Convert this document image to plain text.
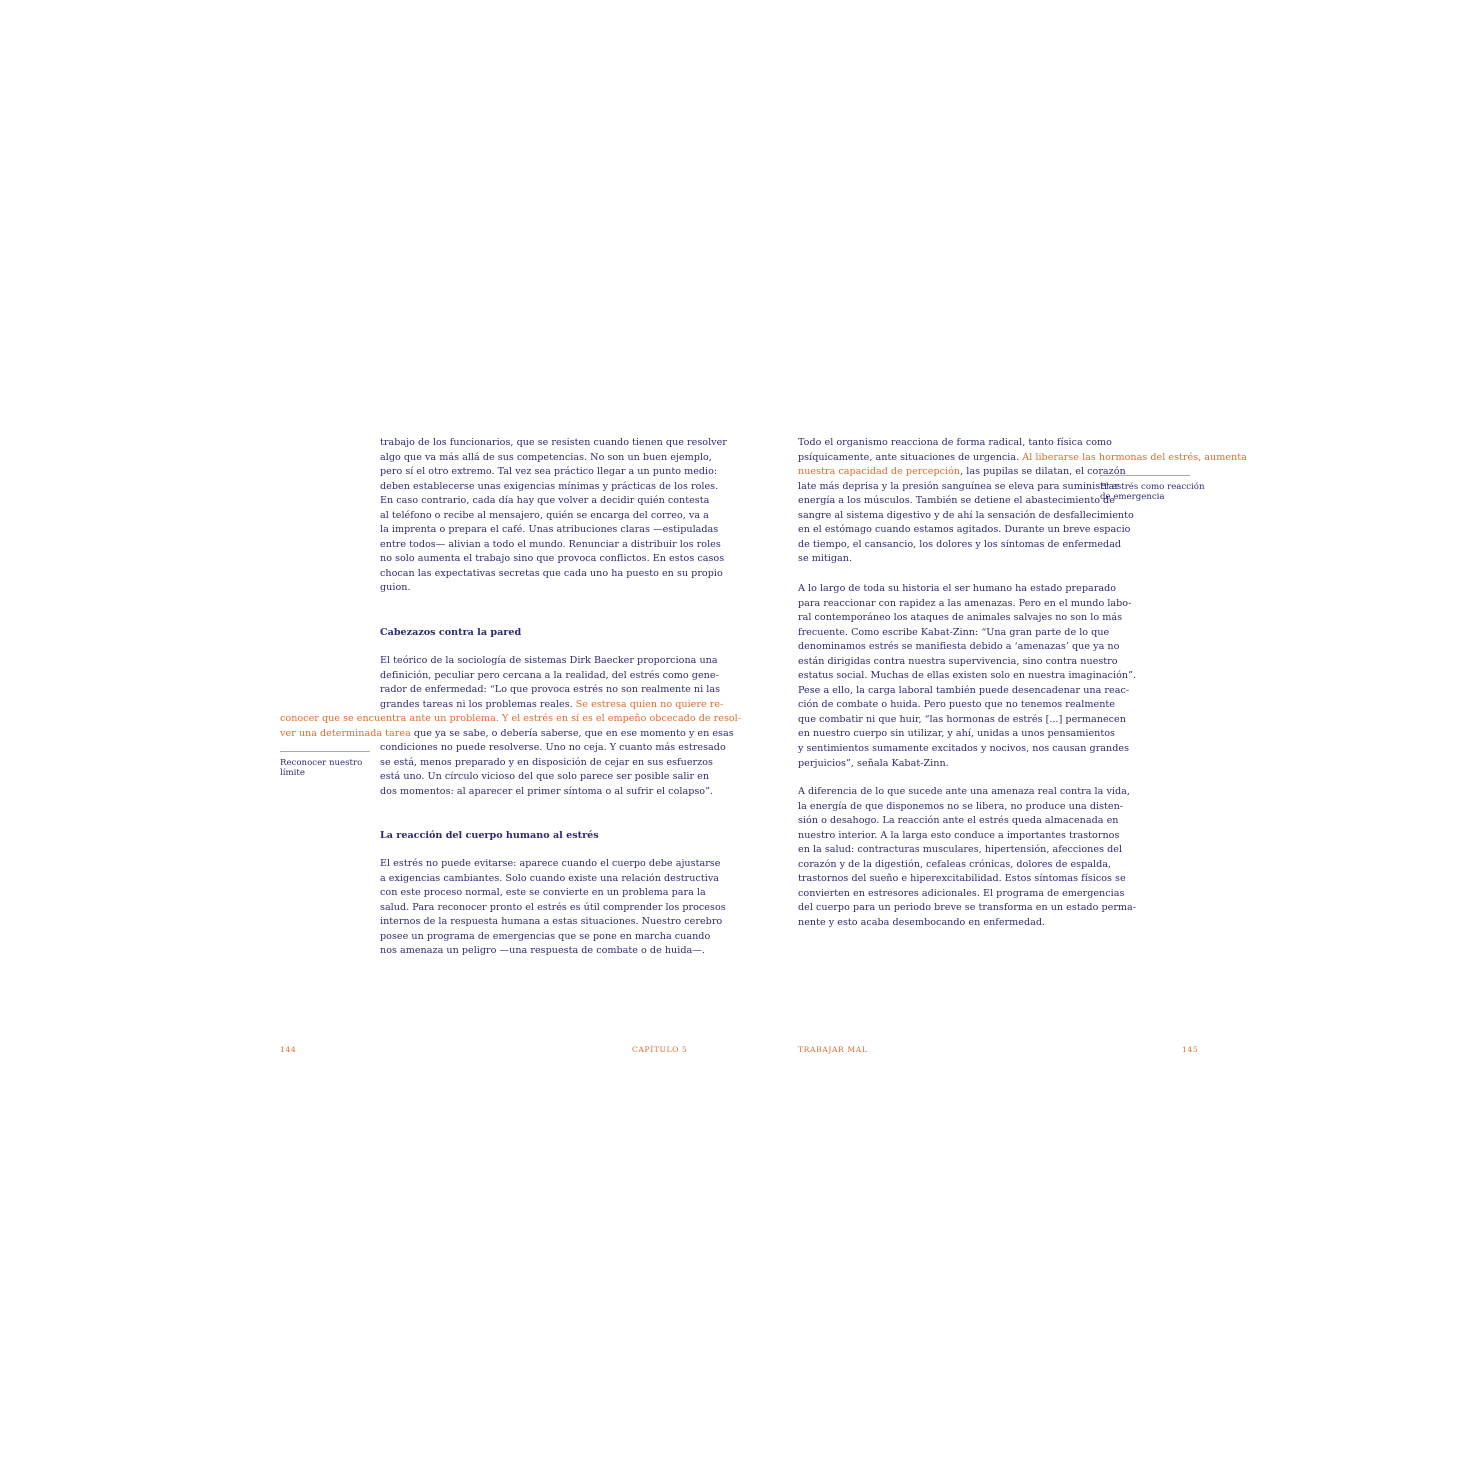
trabajo de los funcionarios, que se resisten cuando tienen que resolver
algo que va más allá de sus competencias. No son un buen ejemplo,
pero sí el otro extremo. Tal vez sea práctico llegar a un punto medio:
deben establecerse unas exigencias mínimas y prácticas de los roles.
En caso contrario, cada día hay que volver a decidir quién contesta
al teléfono o recibe al mensajero, quién se encarga del correo, va a
la imprenta o prepara el café. Unas atribuciones claras —estipuladas
entre todos— alivian a todo el mundo. Renunciar a distribuir los roles
no solo aumenta el trabajo sino que provoca conflictos. En estos casos
chocan las expectativas secretas que cada uno ha puesto en su propio
guion.
Cabezazos contra la pared
El teórico de la sociología de sistemas Dirk Baecker proporciona una
definición, peculiar pero cercana a la realidad, del estrés como gene-
rador de enfermedad: “Lo que provoca estrés no son realmente ni las
grandes tareas ni los problemas reales. Se estresa quien no quiere re-
conocer que se encuentra ante un problema. Y el estrés en sí es el empeño obcecado de resol-
ver una determinada tarea que ya se sabe, o debería saberse, que en ese momento y en esas
condiciones no puede resolverse. Uno no ceja. Y cuanto más estresado
se está, menos preparado y en disposición de cejar en sus esfuerzos
está uno. Un círculo vicioso del que solo parece ser posible salir en
dos momentos: al aparecer el primer síntoma o al sufrir el colapso”.
Reconocer nuestro
límite
La reacción del cuerpo humano al estrés
El estrés no puede evitarse: aparece cuando el cuerpo debe ajustarse
a exigencias cambiantes. Solo cuando existe una relación destructiva
con este proceso normal, este se convierte en un problema para la
salud. Para reconocer pronto el estrés es útil comprender los procesos
internos de la respuesta humana a estas situaciones. Nuestro cerebro
posee un programa de emergencias que se pone en marcha cuando
nos amenaza un peligro —una respuesta de combate o de huida—.
144	CAPÍTULO 5
Todo el organismo reacciona de forma radical, tanto física como
psíquicamente, ante situaciones de urgencia. Al liberarse las hormonas del estrés, aumenta
nuestra capacidad de percepción, las pupilas se dilatan, el corazón
late más deprisa y la presión sanguínea se eleva para suministrar
energía a los músculos. También se detiene el abastecimiento de
sangre al sistema digestivo y de ahí la sensación de desfallecimiento
en el estómago cuando estamos agitados. Durante un breve espacio
de tiempo, el cansancio, los dolores y los síntomas de enfermedad
se mitigan.
El estrés como reacción
de emergencia
A lo largo de toda su historia el ser humano ha estado preparado
para reaccionar con rapidez a las amenazas. Pero en el mundo labo-
ral contemporáneo los ataques de animales salvajes no son lo más
frecuente. Como escribe Kabat-Zinn: “Una gran parte de lo que
denominamos estrés se manifiesta debido a ‘amenazas’ que ya no
están dirigidas contra nuestra supervivencia, sino contra nuestro
estatus social. Muchas de ellas existen solo en nuestra imaginación”.
Pese a ello, la carga laboral también puede desencadenar una reac-
ción de combate o huida. Pero puesto que no tenemos realmente
que combatir ni que huir, “las hormonas de estrés [...] permanecen
en nuestro cuerpo sin utilizar, y ahí, unidas a unos pensamientos
y sentimientos sumamente excitados y nocivos, nos causan grandes
perjuicios”, señala Kabat-Zinn.
A diferencia de lo que sucede ante una amenaza real contra la vida,
la energía de que disponemos no se libera, no produce una disten-
sión o desahogo. La reacción ante el estrés queda almacenada en
nuestro interior. A la larga esto conduce a importantes trastornos
en la salud: contracturas musculares, hipertensión, afecciones del
corazón y de la digestión, cefaleas crónicas, dolores de espalda,
trastornos del sueño e hiperexcitabilidad. Estos síntomas físicos se
convierten en estresores adicionales. El programa de emergencias
del cuerpo para un periodo breve se transforma en un estado perma-
nente y esto acaba desembocando en enfermedad.
TRABAJAR MAL	145
